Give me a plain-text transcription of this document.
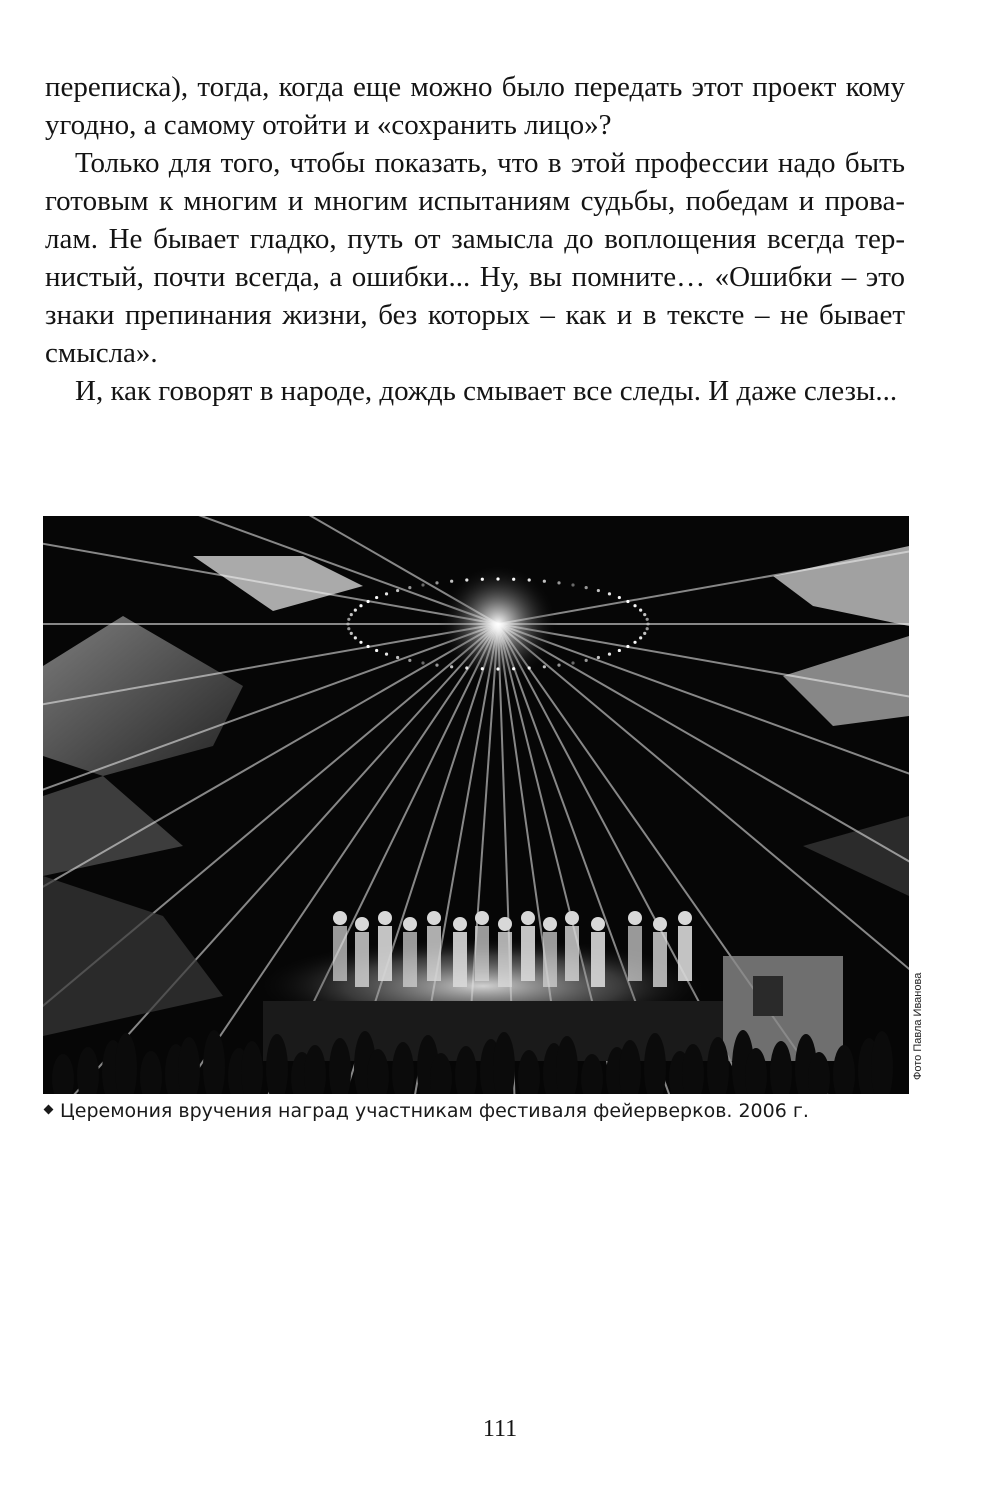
переписка), тогда, когда еще можно было передать этот проект кому
угодно, а самому отойти и «сохранить лицо»?
Только для того, чтобы показать, что в этой профессии надо быть
готовым к многим и многим испытаниям судьбы, победам и прова-
лам. Не бывает гладко, путь от замысла до воплощения всегда тер-
нистый, почти всегда, а ошибки... Ну, вы помните… «Ошибки – это
знаки препинания жизни, без которых – как и в тексте – не бывает
смысла».
И, как говорят в народе, дождь смывает все следы. И даже слезы...
Фото Павла Иванова
Церемония вручения наград участникам фестиваля фейерверков. 2006 г.
111
